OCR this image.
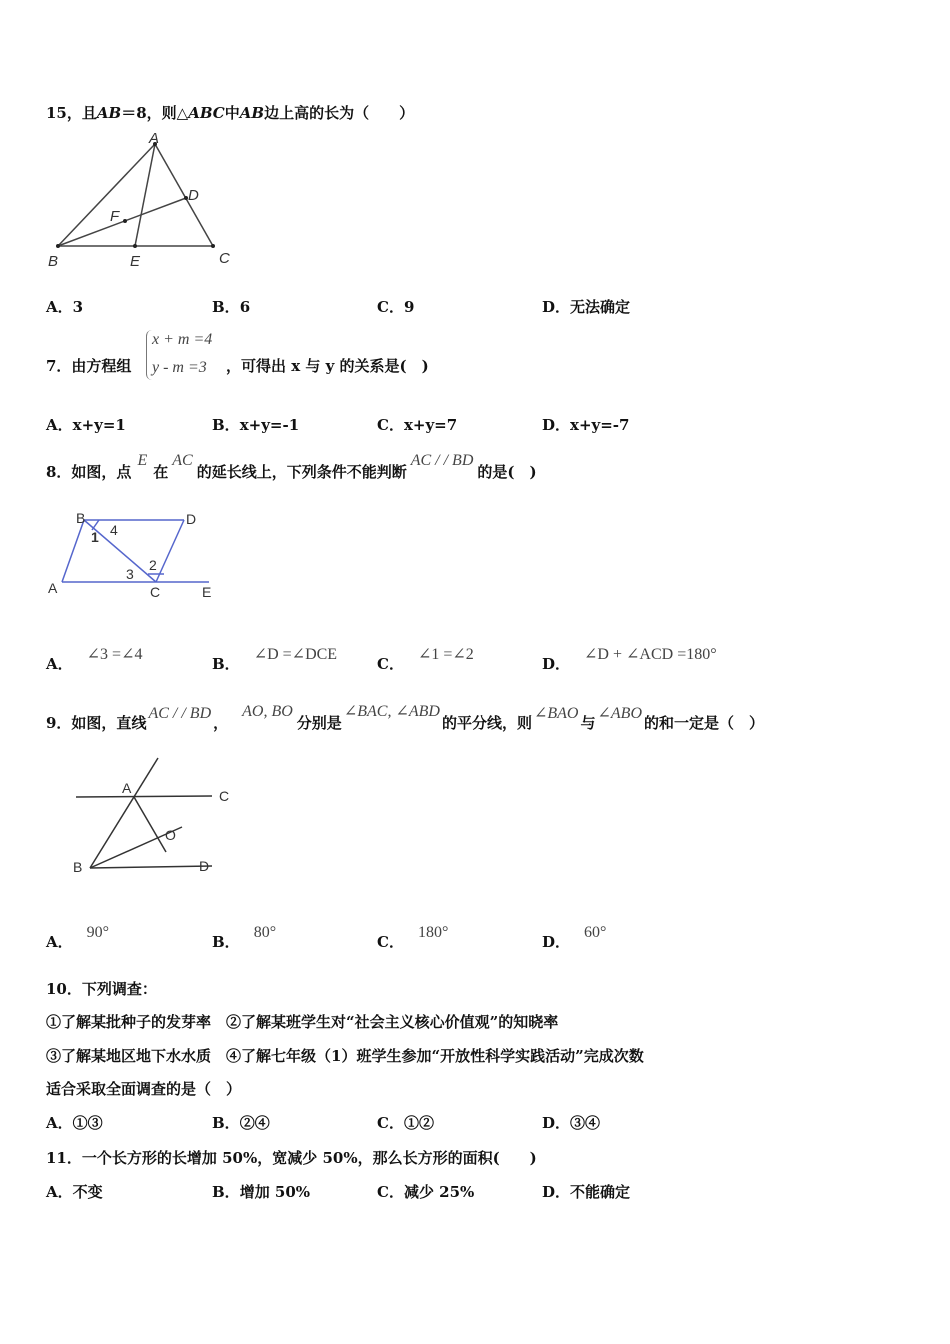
15，且AB＝8，则△ABC中AB边上高的长为（　　）
A
B	C
D
E
F
A．3	B．6	C．9	D．无法确定
7．由方程组
x + m =4
y - m =3	，可得出 x 与 y 的关系是(　)
A．x+y=1	B．x+y=-1	C．x+y=7	D．x+y=-7
8．如图，点E在AC的延长线上，下列条件不能判断AC / / BD的是(　)
B	D
A	C	E
1
2
3
4
A．∠3 =∠4
B．∠D =∠DCE
C．∠1 =∠2
D．∠D + ∠ACD =180°
9．如图，直线AC / / BD，AO, BO分别是∠BAC, ∠ABD的平分线，则∠BAO与∠ABO的和一定是（　）
A	C
O
B	D
A．90°
B．80°
C．180°
D．60°
10．下列调查：
①了解某批种子的发芽率　②了解某班学生对“社会主义核心价值观”的知晓率
③了解某地区地下水水质　④了解七年级（1）班学生参加“开放性科学实践活动”完成次数
适合采取全面调查的是（　）
A．①③	B．②④	C．①②	D．③④
11．一个长方形的长增加 50%，宽减少 50%，那么长方形的面积(　　)
A．不变	B．增加 50%	C．减少 25%	D．不能确定
